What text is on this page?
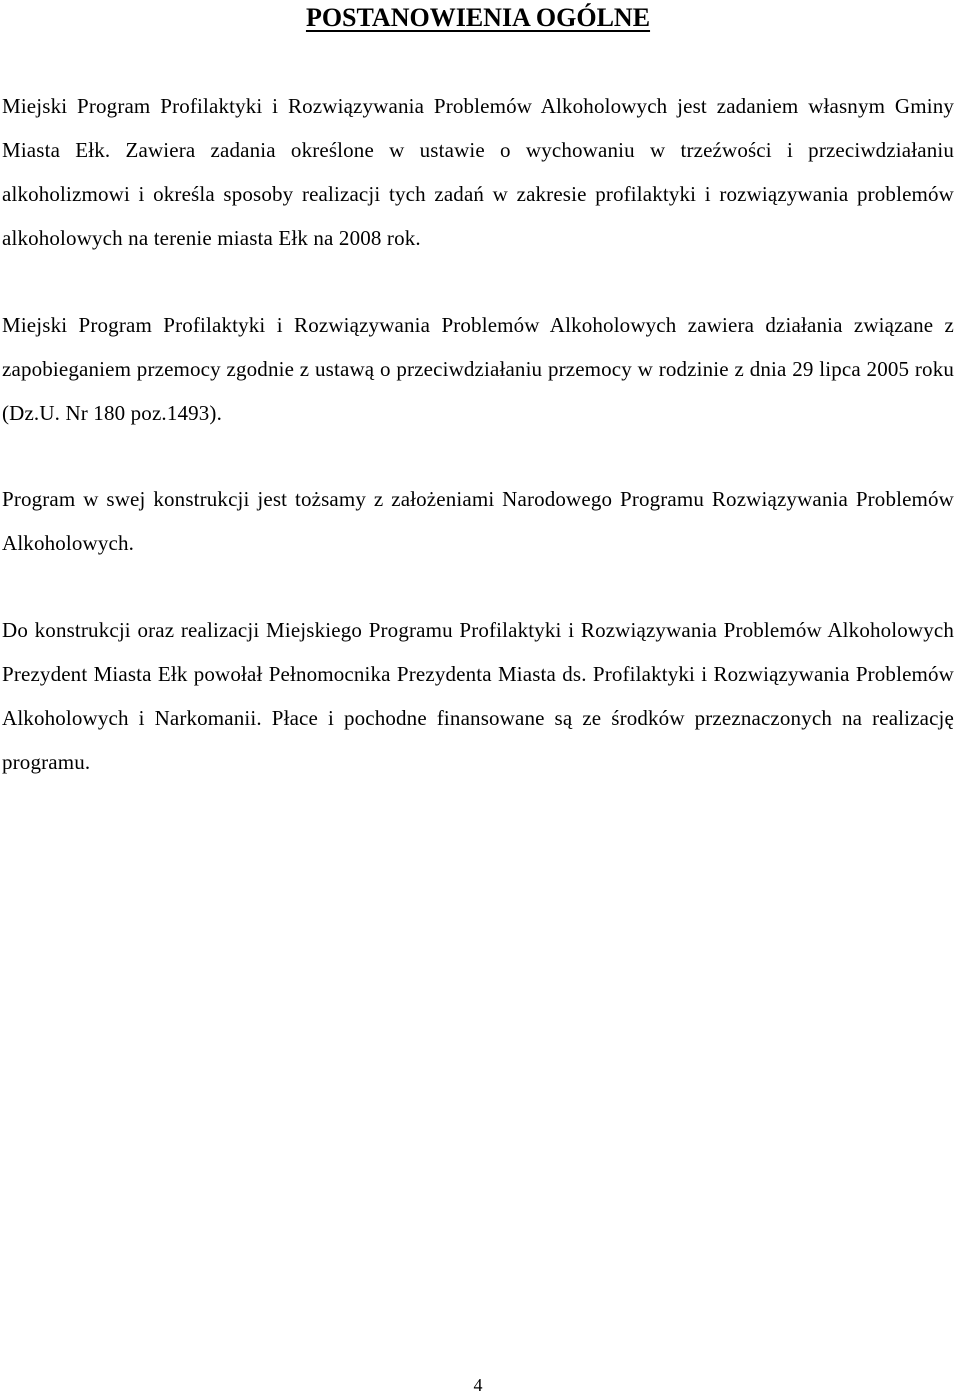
POSTANOWIENIA OGÓLNE

Miejski Program Profilaktyki i Rozwiązywania Problemów Alkoholowych jest zadaniem własnym Gminy Miasta Ełk. Zawiera zadania określone w ustawie o wychowaniu w trzeźwości i przeciwdziałaniu alkoholizmowi i określa sposoby realizacji tych zadań w zakresie profilaktyki i rozwiązywania problemów alkoholowych na terenie miasta Ełk na 2008 rok.

Miejski Program Profilaktyki i Rozwiązywania Problemów Alkoholowych zawiera działania związane z zapobieganiem przemocy zgodnie z ustawą o przeciwdziałaniu przemocy w rodzinie z dnia 29 lipca 2005 roku (Dz.U. Nr 180 poz.1493).

Program w swej konstrukcji jest tożsamy z założeniami Narodowego Programu Rozwiązywania Problemów Alkoholowych.

Do konstrukcji oraz realizacji Miejskiego Programu Profilaktyki i Rozwiązywania Problemów Alkoholowych Prezydent Miasta Ełk powołał Pełnomocnika Prezydenta Miasta ds. Profilaktyki i Rozwiązywania Problemów Alkoholowych i Narkomanii. Płace i pochodne finansowane są ze środków przeznaczonych na realizację programu.

4
